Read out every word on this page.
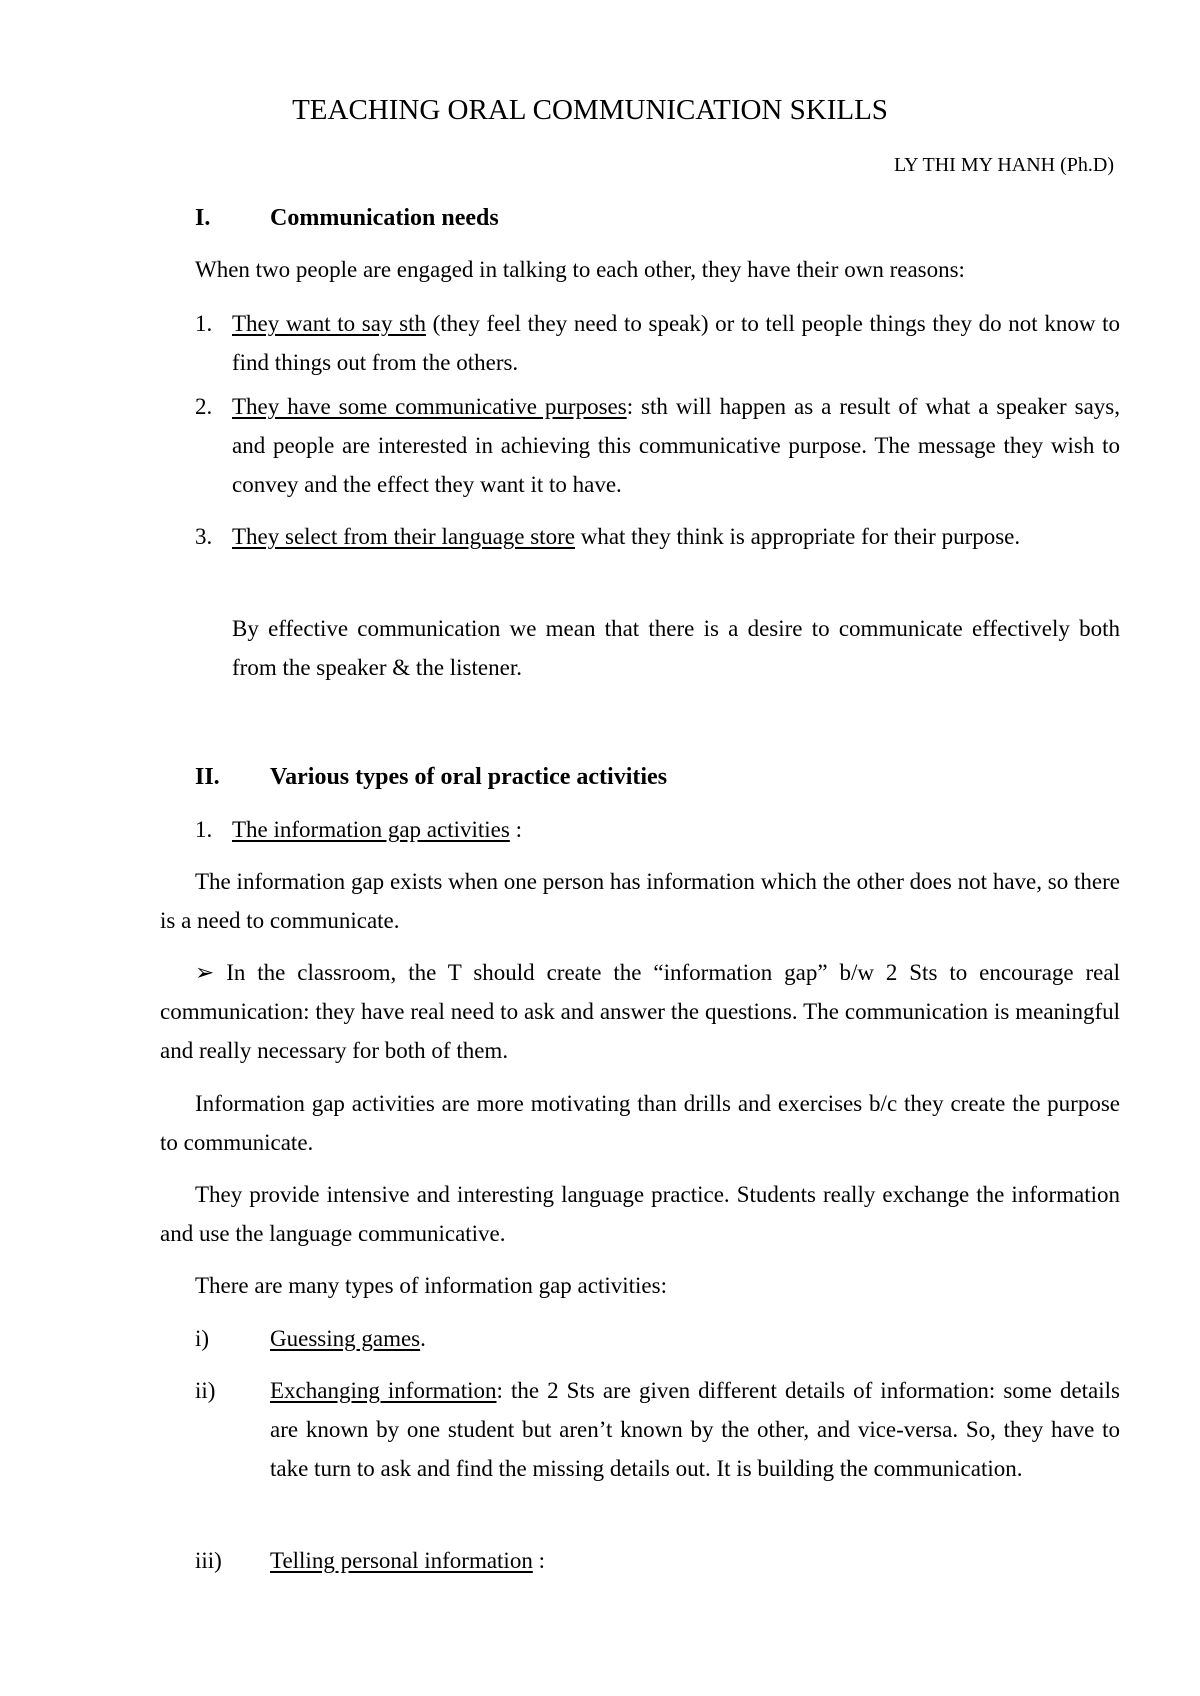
TEACHING ORAL COMMUNICATION SKILLS
LY THI MY HANH (Ph.D)
I. Communication needs

When two people are engaged in talking to each other, they have their own reasons:

1. They want to say sth (they feel they need to speak) or to tell people things they do not know to find things out from the others.

2. They have some communicative purposes: sth will happen as a result of what a speaker says, and people are interested in achieving this communicative purpose. The message they wish to convey and the effect they want it to have.

3. They select from their language store what they think is appropriate for their purpose.

By effective communication we mean that there is a desire to communicate effectively both from the speaker & the listener.

II. Various types of oral practice activities
1. The information gap activities :

The information gap exists when one person has information which the other does not have, so there is a need to communicate.

➢ In the classroom, the T should create the “information gap” b/w 2 Sts to encourage real communication: they have real need to ask and answer the questions. The communication is meaningful and really necessary for both of them.

Information gap activities are more motivating than drills and exercises b/c they create the purpose to communicate.

They provide intensive and interesting language practice. Students really exchange the information and use the language communicative.

There are many types of information gap activities:

i)	Guessing games.

ii) Exchanging information: the 2 Sts are given different details of information: some details are known by one student but aren’t known by the other, and vice-versa. So, they have to take turn to ask and find the missing details out. It is building the communication.

iii) Telling personal information :
